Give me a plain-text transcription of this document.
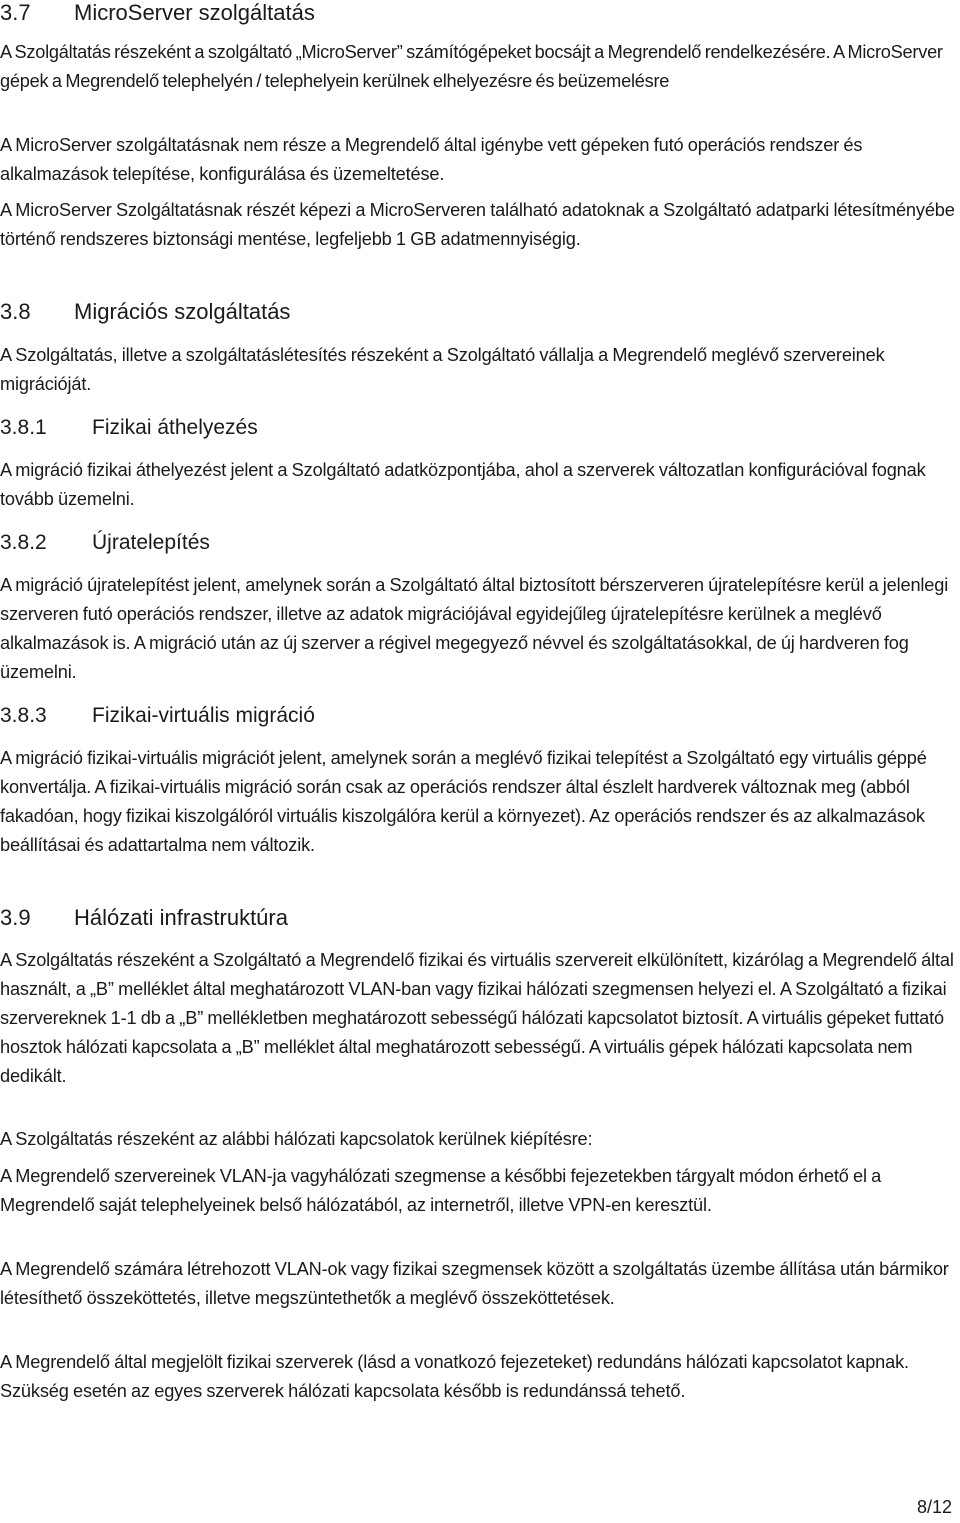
3.7 MicroServer szolgáltatás

A Szolgáltatás részeként a szolgáltató „MicroServer” számítógépeket bocsájt a Megrendelő rendelkezésére. A MicroServer gépek a Megrendelő telephelyén / telephelyein kerülnek elhelyezésre és beüzemelésre

A MicroServer szolgáltatásnak nem része a Megrendelő által igénybe vett gépeken futó operációs rendszer és alkalmazások telepítése, konfigurálása és üzemeltetése.

A MicroServer Szolgáltatásnak részét képezi a MicroServeren található adatoknak a Szolgáltató adatparki létesítményébe történő rendszeres biztonsági mentése, legfeljebb 1 GB adatmennyiségig.

3.8 Migrációs szolgáltatás

A Szolgáltatás, illetve a szolgáltatáslétesítés részeként a Szolgáltató vállalja a Megrendelő meglévő szervereinek migrációját.

3.8.1 Fizikai áthelyezés

A migráció fizikai áthelyezést jelent a Szolgáltató adatközpontjába, ahol a szerverek változatlan konfigurációval fognak tovább üzemelni.

3.8.2 Újratelepítés

A migráció újratelepítést jelent, amelynek során a Szolgáltató által biztosított bérszerveren újratelepítésre kerül a jelenlegi szerveren futó operációs rendszer, illetve az adatok migrációjával egyidejűleg újratelepítésre kerülnek a meglévő alkalmazások is. A migráció után az új szerver a régivel megegyező névvel és szolgáltatásokkal, de új hardveren fog üzemelni.

3.8.3 Fizikai-virtuális migráció

A migráció fizikai-virtuális migrációt jelent, amelynek során a meglévő fizikai telepítést a Szolgáltató egy virtuális géppé konvertálja. A fizikai-virtuális migráció során csak az operációs rendszer által észlelt hardverek változnak meg (abból fakadóan, hogy fizikai kiszolgálóról virtuális kiszolgálóra kerül a környezet). Az operációs rendszer és az alkalmazások beállításai és adattartalma nem változik.

3.9 Hálózati infrastruktúra

A Szolgáltatás részeként a Szolgáltató a Megrendelő fizikai és virtuális szervereit elkülönített, kizárólag a Megrendelő által használt, a „B” melléklet által meghatározott VLAN-ban vagy fizikai hálózati szegmensen helyezi el. A Szolgáltató a fizikai szervereknek 1-1 db a „B” mellékletben meghatározott sebességű hálózati kapcsolatot biztosít. A virtuális gépeket futtató hosztok hálózati kapcsolata a „B” melléklet által meghatározott sebességű. A virtuális gépek hálózati kapcsolata nem dedikált.

A Szolgáltatás részeként az alábbi hálózati kapcsolatok kerülnek kiépítésre:

A Megrendelő szervereinek VLAN-ja vagyhálózati szegmense a későbbi fejezetekben tárgyalt módon érhető el a Megrendelő saját telephelyeinek belső hálózatából, az internetről, illetve VPN-en keresztül.

A Megrendelő számára létrehozott VLAN-ok vagy fizikai szegmensek között a szolgáltatás üzembe állítása után bármikor létesíthető összeköttetés, illetve megszüntethetők a meglévő összeköttetések.

A Megrendelő által megjelölt fizikai szerverek (lásd a vonatkozó fejezeteket) redundáns hálózati kapcsolatot kapnak. Szükség esetén az egyes szerverek hálózati kapcsolata később is redundánssá tehető.

8/12
